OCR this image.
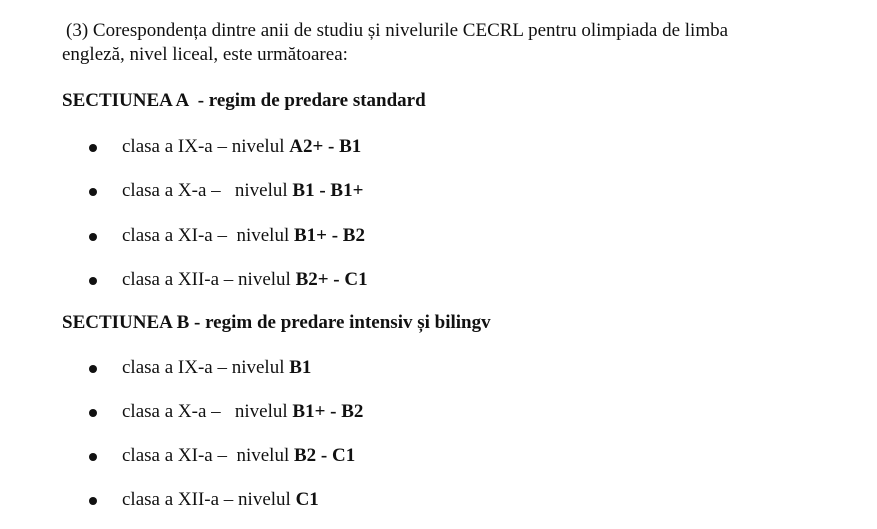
(3) Corespondența dintre anii de studiu și nivelurile CECRL pentru olimpiada de limba
engleză, nivel liceal, este următoarea:

SECTIUNEA A  - regim de predare standard

clasa a IX-a – nivelul A2+ - B1
clasa a X-a –   nivelul B1 - B1+
clasa a XI-a –  nivelul B1+ - B2
clasa a XII-a – nivelul B2+ - C1

SECTIUNEA B - regim de predare intensiv și bilingv

clasa a IX-a – nivelul B1
clasa a X-a –   nivelul B1+ - B2
clasa a XI-a –  nivelul B2 - C1
clasa a XII-a – nivelul C1
